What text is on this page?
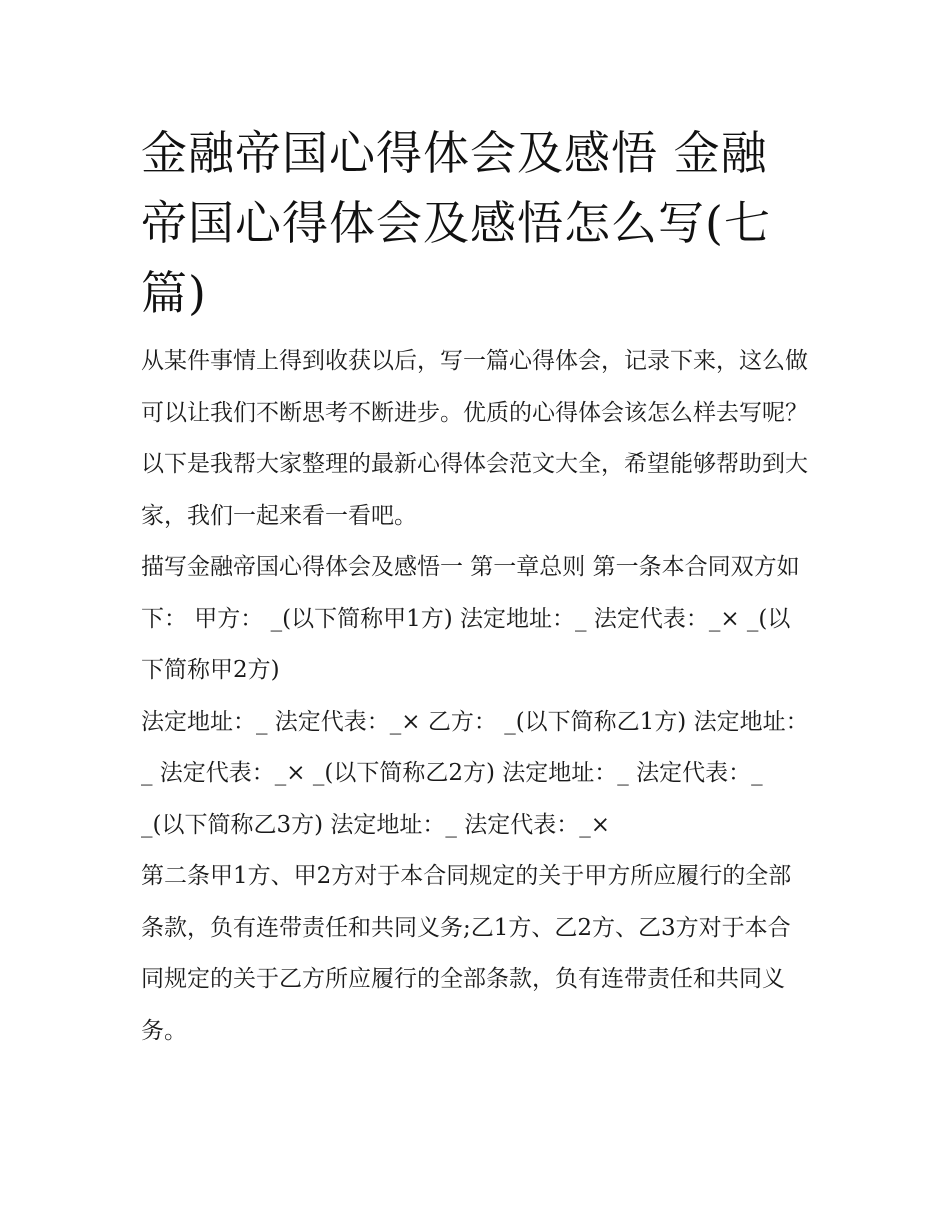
金融帝国心得体会及感悟 金融帝国心得体会及感悟怎么写(七篇)

从某件事情上得到收获以后，写一篇心得体会，记录下来，这么做可以让我们不断思考不断进步。优质的心得体会该怎么样去写呢？以下是我帮大家整理的最新心得体会范文大全，希望能够帮助到大家，我们一起来看一看吧。

描写金融帝国心得体会及感悟一 第一章总则 第一条本合同双方如下： 甲方： _(以下简称甲1方) 法定地址：_ 法定代表：_× _(以下简称甲2方)

法定地址：_ 法定代表：_× 乙方： _(以下简称乙1方) 法定地址：_ 法定代表：_× _(以下简称乙2方) 法定地址：_ 法定代表：_

_(以下简称乙3方) 法定地址：_ 法定代表：_×

第二条甲1方、甲2方对于本合同规定的关于甲方所应履行的全部条款，负有连带责任和共同义务;乙1方、乙2方、乙3方对于本合同规定的关于乙方所应履行的全部条款，负有连带责任和共同义务。
